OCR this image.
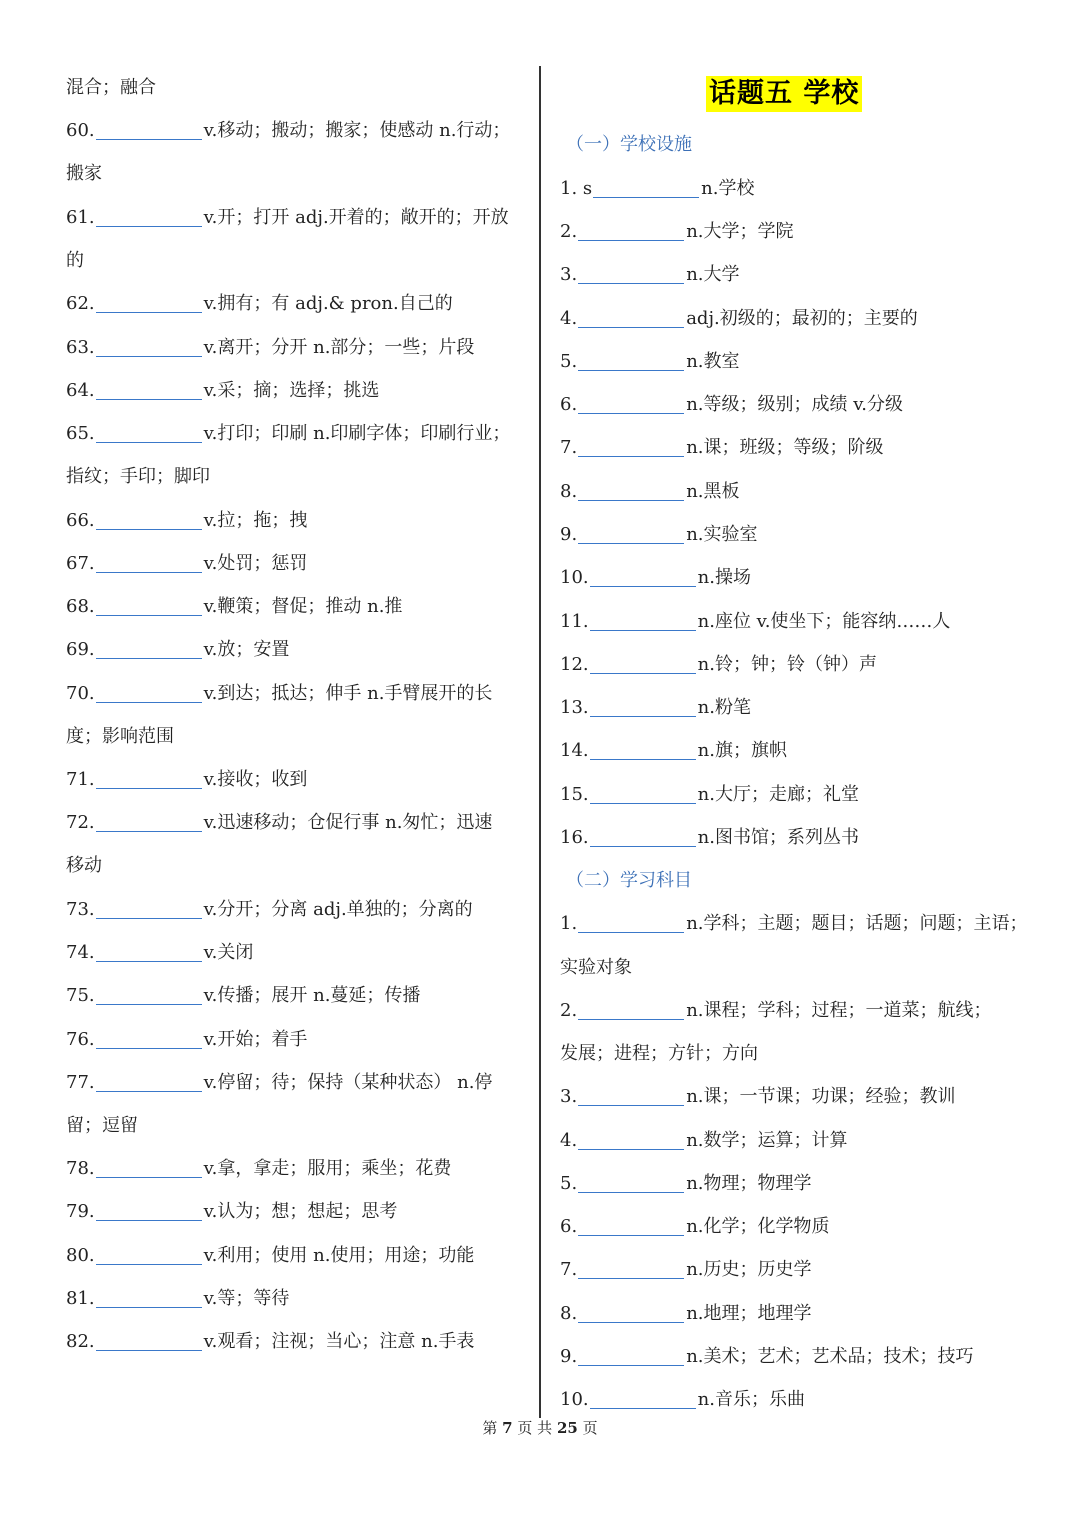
混合；融合
60.	v.移动；搬动；搬家；使感动 n.行动；
搬家
61.	v.开；打开 adj.开着的；敞开的；开放
的
62.	v.拥有；有 adj.& pron.自己的
63.	v.离开；分开 n.部分；一些；片段
64.	v.采；摘；选择；挑选
65.	v.打印；印刷 n.印刷字体；印刷行业；
指纹；手印；脚印
66.	v.拉；拖；拽
67.	v.处罚；惩罚
68.	v.鞭策；督促；推动 n.推
69.	v.放；安置
70.	v.到达；抵达；伸手 n.手臂展开的长
度；影响范围
71.	v.接收；收到
72.	v.迅速移动；仓促行事 n.匆忙；迅速
移动
73.	v.分开；分离 adj.单独的；分离的
74.	v.关闭
75.	v.传播；展开 n.蔓延；传播
76.	v.开始；着手
77.	v.停留；待；保持（某种状态） n.停
留；逗留
78.	v.拿，拿走；服用；乘坐；花费
79.	v.认为；想；想起；思考
80.	v.利用；使用 n.使用；用途；功能
81.	v.等；等待
82.	v.观看；注视；当心；注意 n.手表
话题五 学校
（一）学校设施
1. s	n.学校
2.	n.大学；学院
3.	n.大学
4.	adj.初级的；最初的；主要的
5.	n.教室
6.	n.等级；级别；成绩 v.分级
7.	n.课；班级；等级；阶级
8.	n.黑板
9.	n.实验室
10.	n.操场
11.	n.座位 v.使坐下；能容纳……人
12.	n.铃；钟；铃（钟）声
13.	n.粉笔
14.	n.旗；旗帜
15.	n.大厅；走廊；礼堂
16.	n.图书馆；系列丛书
（二）学习科目
1.	n.学科；主题；题目；话题；问题；主语；
实验对象
2.	n.课程；学科；过程；一道菜；航线；
发展；进程；方针；方向
3.	n.课；一节课；功课；经验；教训
4.	n.数学；运算；计算
5.	n.物理；物理学
6.	n.化学；化学物质
7.	n.历史；历史学
8.	n.地理；地理学
9.	n.美术；艺术；艺术品；技术；技巧
10.	n.音乐；乐曲
第 7 页 共 25 页
